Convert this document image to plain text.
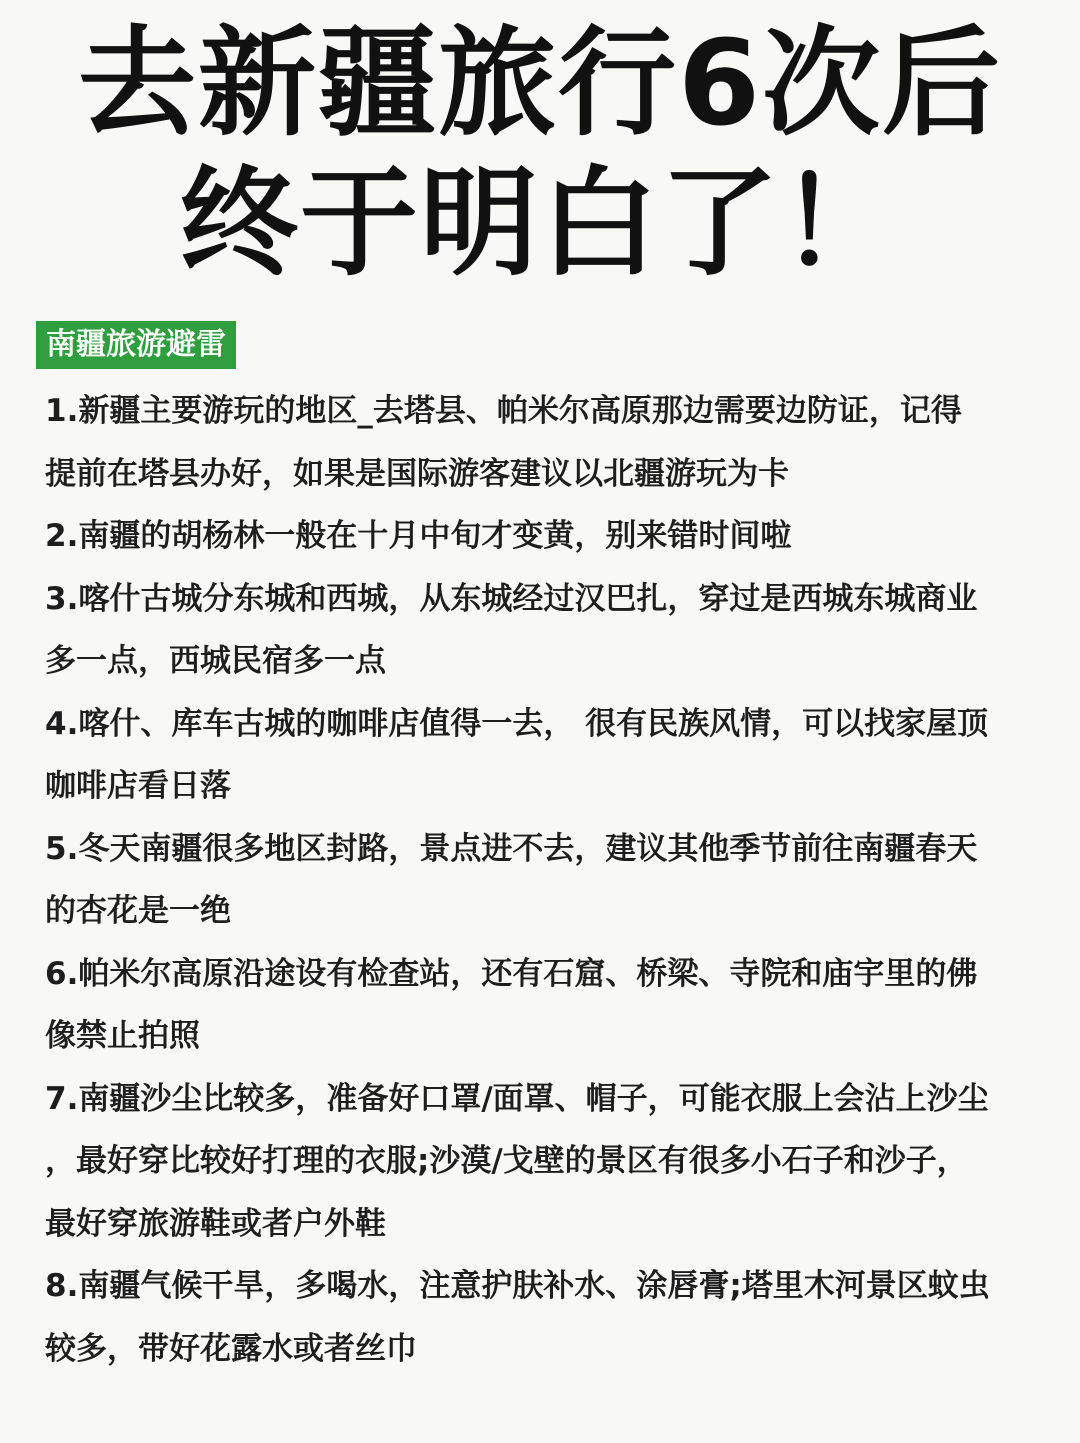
去新疆旅行6次后
终于明白了！
南疆旅游避雷
1.新疆主要游玩的地区_去塔县、帕米尔高原那边需要边防证，记得
提前在塔县办好，如果是国际游客建议以北疆游玩为卡
2.南疆的胡杨林一般在十月中旬才变黄，别来错时间啦
3.喀什古城分东城和西城，从东城经过汉巴扎，穿过是西城东城商业
多一点，西城民宿多一点
4.喀什、库车古城的咖啡店值得一去， 很有民族风情，可以找家屋顶
咖啡店看日落
5.冬天南疆很多地区封路，景点进不去，建议其他季节前往南疆春天
的杏花是一绝
6.帕米尔高原沿途设有检查站，还有石窟、桥梁、寺院和庙宇里的佛
像禁止拍照
7.南疆沙尘比较多，准备好口罩/面罩、帽子，可能衣服上会沾上沙尘
，最好穿比较好打理的衣服;沙漠/戈壁的景区有很多小石子和沙子，
最好穿旅游鞋或者户外鞋
8.南疆气候干旱，多喝水，注意护肤补水、涂唇膏;塔里木河景区蚊虫
较多，带好花露水或者丝巾
